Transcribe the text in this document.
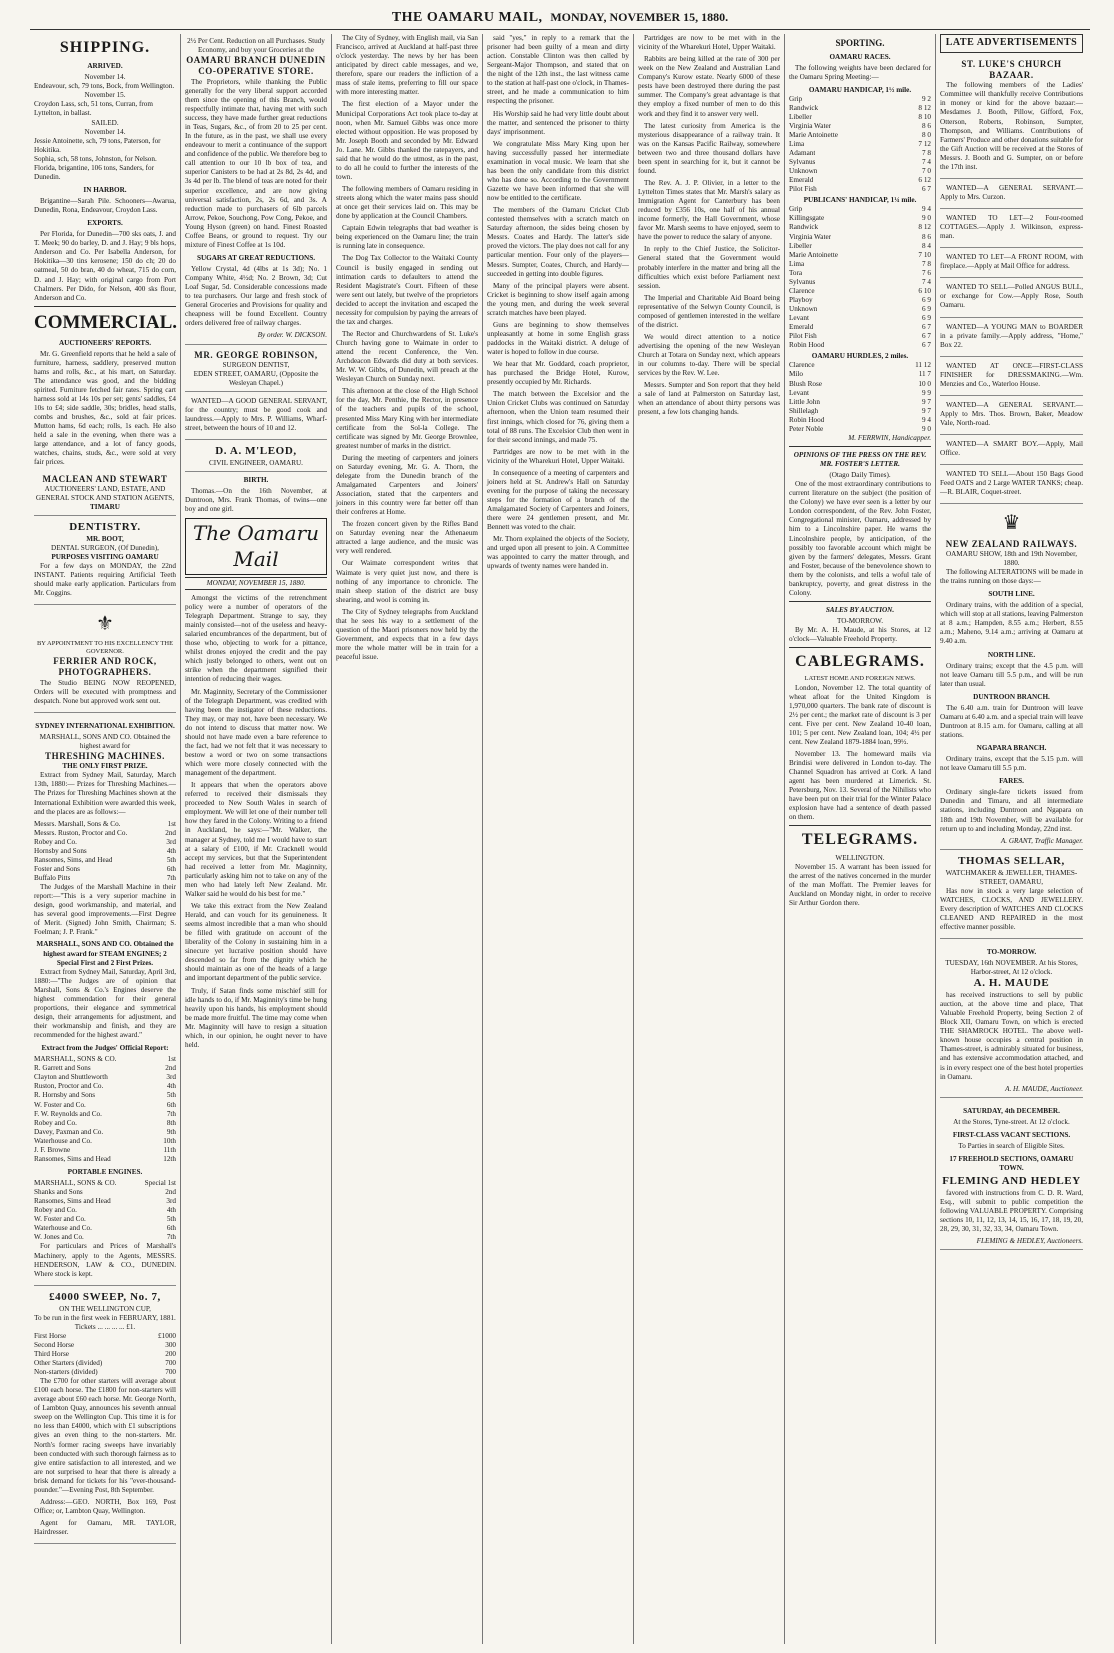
THE OAMARU MAIL, MONDAY, NOVEMBER 15, 1880.
SHIPPING.
ARRIVED.
November 14.
Endeavour, sch, 79 tons, Bock, from Wellington.
November 15.
Croydon Lass, sch, 51 tons, Curran, from Lyttelton, in ballast.
SAILED.
November 14.
Jessie Antoinette, sch, 79 tons, Paterson, for Hokitika.
Sophia, sch, 58 tons, Johnston, for Nelson.
Florida, brigantine, 106 tons, Sanders, for Dunedin.
IN HARBOR.

Brigantine—Sarah Pile. Schooners—Awarua, Dunedin, Rona, Endeavour, Croydon Lass.

EXPORTS.

Per Florida, for Dunedin—700 sks oats, J. and T. Meek; 90 do barley, D. and J. Hay; 9 bls hops, Anderson and Co. Per Isabella Anderson, for Hokitika—30 tins kerosene; 150 do ch; 20 do oatmeal, 50 do bran, 40 do wheat, 715 do corn, D. and J. Hay; with original cargo from Port Chalmers. Per Dido, for Nelson, 400 sks flour, Anderson and Co.

COMMERCIAL.
AUCTIONEERS' REPORTS.

Mr. G. Greenfield reports that he held a sale of furniture, harness, saddlery, preserved mutton hams and rolls, &c., at his mart, on Saturday. The attendance was good, and the bidding spirited. Furniture fetched fair rates. Spring cart harness sold at 14s 10s per set; gents' saddles, £4 10s to £4; side saddle, 30s; bridles, head stalls, combs and brushes, &c., sold at fair prices. Mutton hams, 6d each; rolls, 1s each. He also held a sale in the evening, when there was a large attendance, and a lot of fancy goods, watches, chains, studs, &c., were sold at very fair prices.

MACLEAN AND STEWART
AUCTIONEERS' LAND, ESTATE, AND GENERAL STOCK AND STATION AGENTS,
TIMARU
DENTISTRY.
MR. BOOT,
DENTAL SURGEON, (Of Dunedin),
PURPOSES VISITING OAMARU

For a few days on MONDAY, the 22nd INSTANT. Patients requiring Artificial Teeth should make early application. Particulars from Mr. Coggins.

⚜
BY APPOINTMENT TO HIS EXCELLENCY THE GOVERNOR.
FERRIER AND ROCK, PHOTOGRAPHERS.

The Studio BEING NOW REOPENED, Orders will be executed with promptness and despatch. None but approved work sent out.

SYDNEY INTERNATIONAL EXHIBITION.
MARSHALL, SONS AND CO. Obtained the highest award for
THRESHING MACHINES.
THE ONLY FIRST PRIZE.

Extract from Sydney Mail, Saturday, March 13th, 1880:— Prizes for Threshing Machines.—The Prizes for Threshing Machines shown at the International Exhibition were awarded this week, and the places are as follows:—

Messrs. Marshall, Sons & Co.	1st
Messrs. Ruston, Proctor and Co.	2nd
Robey and Co.	3rd
Hornsby and Sons	4th
Ransomes, Sims, and Head	5th
Foster and Sons	6th
Buffalo Pitts	7th

The Judges of the Marshall Machine in their report:—"This is a very superior machine in design, good workmanship, and material, and has several good improvements.—First Degree of Merit. (Signed) John Smith, Chairman; S. Foelman; J. P. Frank."

MARSHALL, SONS AND CO. Obtained the highest award for STEAM ENGINES; 2 Special First and 2 First Prizes.

Extract from Sydney Mail, Saturday, April 3rd, 1880:—"The Judges are of opinion that Marshall, Sons & Co.'s Engines deserve the highest commendation for their general proportions, their elegance and symmetrical design, their arrangements for adjustment, and their workmanship and finish, and they are recommended for the highest award."

Extract from the Judges' Official Report:
MARSHALL, SONS & CO.	1st
R. Garrett and Sons	2nd
Clayton and Shuttleworth	3rd
Ruston, Proctor and Co.	4th
R. Hornsby and Sons	5th
W. Foster and Co.	6th
F. W. Reynolds and Co.	7th
Robey and Co.	8th
Davey, Paxman and Co.	9th
Waterhouse and Co.	10th
J. F. Browne	11th
Ransomes, Sims and Head	12th
PORTABLE ENGINES.
MARSHALL, SONS & CO.	Special 1st
Shanks and Sons	2nd
Ransomes, Sims and Head	3rd
Robey and Co.	4th
W. Foster and Co.	5th
Waterhouse and Co.	6th
W. Jones and Co.	7th

For particulars and Prices of Marshall's Machinery, apply to the Agents, MESSRS. HENDERSON, LAW & CO., DUNEDIN. Where stock is kept.

£4000 SWEEP, No. 7,
ON THE WELLINGTON CUP,
To be run in the first week in FEBRUARY, 1881.
Tickets ... ... ... ... £1.
First Horse	£1000
Second Horse	300
Third Horse	200
Other Starters (divided)	700
Non-starters (divided)	700

The £700 for other starters will average about £100 each horse. The £1800 for non-starters will average about £60 each horse. Mr. George North, of Lambton Quay, announces his seventh annual sweep on the Wellington Cup. This time it is for no less than £4000, which with £1 subscriptions gives an even thing to the non-starters. Mr. North's former racing sweeps have invariably been conducted with such thorough fairness as to give entire satisfaction to all interested, and we are not surprised to hear that there is already a brisk demand for tickets for his "ever-thousand-pounder."—Evening Post, 8th September.

Address:—GEO. NORTH, Box 169, Post Office; or, Lambton Quay, Wellington.

Agent for Oamaru, MR. TAYLOR, Hairdresser.

2½ Per Cent. Reduction on all Purchases. Study Economy, and buy your Groceries at the
OAMARU BRANCH DUNEDIN CO-OPERATIVE STORE.

The Proprietors, while thanking the Public generally for the very liberal support accorded them since the opening of this Branch, would respectfully intimate that, having met with such success, they have made further great reductions in Teas, Sugars, &c., of from 20 to 25 per cent. In the future, as in the past, we shall use every endeavour to merit a continuance of the support and confidence of the public. We therefore beg to call attention to our 10 lb box of tea, and superior Canisters to be had at 2s 8d, 2s 4d, and 3s 4d per lb. The blend of teas are noted for their superior excellence, and are now giving universal satisfaction, 2s, 2s 6d, and 3s. A reduction made to purchasers of 6lb parcels Arrow, Pekoe, Souchong, Pow Cong, Pekoe, and Young Hyson (green) on hand. Finest Roasted Coffee Beans, or ground to request. Try our mixture of Finest Coffee at 1s 10d.

SUGARS AT GREAT REDUCTIONS.

Yellow Crystal, 4d (4lbs at 1s 3d); No. 1 Company White, 4½d; No. 2 Brown, 3d; Cut Loaf Sugar, 5d. Considerable concessions made to tea purchasers. Our large and fresh stock of General Groceries and Provisions for quality and cheapness will be found Excellent. Country orders delivered free of railway charges.

By order. W. DICKSON.
MR. GEORGE ROBINSON,
SURGEON DENTIST,
EDEN STREET, OAMARU, (Opposite the Wesleyan Chapel.)

WANTED—A GOOD GENERAL SERVANT, for the country; must be good cook and laundress.—Apply to Mrs. P. Williams, Wharf-street, between the hours of 10 and 12.

D. A. M'LEOD,
CIVIL ENGINEER, OAMARU.
BIRTH.

Thomas.—On the 16th November, at Duntroon, Mrs. Frank Thomas, of twins—one boy and one girl.

The Oamaru Mail
MONDAY, NOVEMBER 15, 1880.

Amongst the victims of the retrenchment policy were a number of operators of the Telegraph Department. Strange to say, they mainly consisted—not of the useless and heavy-salaried encumbrances of the department, but of those who, objecting to work for a pittance, whilst drones enjoyed the credit and the pay which justly belonged to others, went out on strike when the department signified their intention of reducing their wages.

Mr. Maginnity, Secretary of the Commissioner of the Telegraph Department, was credited with having been the instigator of these reductions. They may, or may not, have been necessary. We do not intend to discuss that matter now. We should not have made even a bare reference to the fact, had we not felt that it was necessary to bestow a word or two on some transactions which were more closely connected with the management of the department.

It appears that when the operators above referred to received their dismissals they proceeded to New South Wales in search of employment. We will let one of their number tell how they fared in the Colony. Writing to a friend in Auckland, he says:—"Mr. Walker, the manager at Sydney, told me I would have to start at a salary of £100, if Mr. Cracknell would accept my services, but that the Superintendent had received a letter from Mr. Maginnity, particularly asking him not to take on any of the men who had lately left New Zealand. Mr. Walker said he would do his best for me."

We take this extract from the New Zealand Herald, and can vouch for its genuineness. It seems almost incredible that a man who should be filled with gratitude on account of the liberality of the Colony in sustaining him in a sinecure yet lucrative position should have descended so far from the dignity which he should maintain as one of the heads of a large and important department of the public service.

Truly, if Satan finds some mischief still for idle hands to do, if Mr. Maginnity's time be hung heavily upon his hands, his employment should be made more fruitful. The time may come when Mr. Maginnity will have to resign a situation which, in our opinion, he ought never to have held.

The City of Sydney, with English mail, via San Francisco, arrived at Auckland at half-past three o'clock yesterday. The news by her has been anticipated by direct cable messages, and we, therefore, spare our readers the infliction of a mass of stale items, preferring to fill our space with more interesting matter.

The first election of a Mayor under the Municipal Corporations Act took place to-day at noon, when Mr. Samuel Gibbs was once more elected without opposition. He was proposed by Mr. Joseph Booth and seconded by Mr. Edward Jo. Lane. Mr. Gibbs thanked the ratepayers, and said that he would do the utmost, as in the past, to do all he could to further the interests of the town.

The following members of Oamaru residing in streets along which the water mains pass should at once get their services laid on. This may be done by application at the Council Chambers.

Captain Edwin telegraphs that bad weather is being experienced on the Oamaru line; the train is running late in consequence.

The Dog Tax Collector to the Waitaki County Council is busily engaged in sending out intimation cards to defaulters to attend the Resident Magistrate's Court. Fifteen of these were sent out lately, but twelve of the proprietors decided to accept the invitation and escaped the necessity for compulsion by paying the arrears of the tax and charges.

The Rector and Churchwardens of St. Luke's Church having gone to Waimate in order to attend the recent Conference, the Ven. Archdeacon Edwards did duty at both services. Mr. W. W. Gibbs, of Dunedin, will preach at the Wesleyan Church on Sunday next.

This afternoon at the close of the High School for the day, Mr. Penthie, the Rector, in presence of the teachers and pupils of the school, presented Miss Mary King with her intermediate certificate from the Sol-la College. The certificate was signed by Mr. George Brownlee, greatest number of marks in the district.

During the meeting of carpenters and joiners on Saturday evening, Mr. G. A. Thorn, the delegate from the Dunedin branch of the Amalgamated Carpenters and Joiners' Association, stated that the carpenters and joiners in this country were far better off than their confreres at Home.

The frozen concert given by the Rifles Band on Saturday evening near the Athenaeum attracted a large audience, and the music was very well rendered.

Our Waimate correspondent writes that Waimate is very quiet just now, and there is nothing of any importance to chronicle. The main sheep station of the district are busy shearing, and wool is coming in.

The City of Sydney telegraphs from Auckland that he sees his way to a settlement of the question of the Maori prisoners now held by the Government, and expects that in a few days more the whole matter will be in train for a peaceful issue.

said "yes," in reply to a remark that the prisoner had been guilty of a mean and dirty action. Constable Clinton was then called by Sergeant-Major Thompson, and stated that on the night of the 12th inst., the last witness came to the station at half-past one o'clock, in Thames-street, and he made a communication to him respecting the prisoner.

His Worship said he had very little doubt about the matter, and sentenced the prisoner to thirty days' imprisonment.

We congratulate Miss Mary King upon her having successfully passed her intermediate examination in vocal music. We learn that she has been the only candidate from this district who has done so. According to the Government Gazette we have been informed that she will now be entitled to the certificate.

The members of the Oamaru Cricket Club contested themselves with a scratch match on Saturday afternoon, the sides being chosen by Messrs. Coates and Hardy. The latter's side proved the victors. The play does not call for any particular mention. Four only of the players—Messrs. Sumpter, Coates, Church, and Hardy—succeeded in getting into double figures.

Many of the principal players were absent. Cricket is beginning to show itself again among the young men, and during the week several scratch matches have been played.

Guns are beginning to show themselves unpleasantly at home in some English grass paddocks in the Waitaki district. A deluge of water is hoped to follow in due course.

We hear that Mr. Goddard, coach proprietor, has purchased the Bridge Hotel, Kurow, presently occupied by Mr. Richards.

The match between the Excelsior and the Union Cricket Clubs was continued on Saturday afternoon, when the Union team resumed their first innings, which closed for 76, giving them a total of 88 runs. The Excelsior Club then went in for their second innings, and made 75.

Partridges are now to be met with in the vicinity of the Wharekuri Hotel, Upper Waitaki.

In consequence of a meeting of carpenters and joiners held at St. Andrew's Hall on Saturday evening for the purpose of taking the necessary steps for the formation of a branch of the Amalgamated Society of Carpenters and Joiners, there were 24 gentlemen present, and Mr. Bennett was voted to the chair.

Mr. Thorn explained the objects of the Society, and urged upon all present to join. A Committee was appointed to carry the matter through, and upwards of twenty names were handed in.

Partridges are now to be met with in the vicinity of the Wharekuri Hotel, Upper Waitaki.

Rabbits are being killed at the rate of 300 per week on the New Zealand and Australian Land Company's Kurow estate. Nearly 6000 of these pests have been destroyed there during the past summer. The Company's great advantage is that they employ a fixed number of men to do this work and they find it to answer very well.

The latest curiosity from America is the mysterious disappearance of a railway train. It was on the Kansas Pacific Railway, somewhere between two and three thousand dollars have been spent in searching for it, but it cannot be found.

The Rev. A. J. P. Olivier, in a letter to the Lyttelton Times states that Mr. Marsh's salary as Immigration Agent for Canterbury has been reduced by £356 10s, one half of his annual income formerly, the Hall Government, whose favor Mr. Marsh seems to have enjoyed, seem to have the power to reduce the salary of anyone.

In reply to the Chief Justice, the Solicitor-General stated that the Government would probably interfere in the matter and bring all the difficulties which exist before Parliament next session.

The Imperial and Charitable Aid Board being representative of the Selwyn County Council, is composed of gentlemen interested in the welfare of the district.

We would direct attention to a notice advertising the opening of the new Wesleyan Church at Totara on Sunday next, which appears in our columns to-day. There will be special services by the Rev. W. Lee.

Messrs. Sumpter and Son report that they held a sale of land at Palmerston on Saturday last, when an attendance of about thirty persons was present, a few lots changing hands.

SPORTING.
OAMARU RACES.

The following weights have been declared for the Oamaru Spring Meeting:—

OAMARU HANDICAP, 1½ mile.
Grip	9 2
Randwick	8 12
Libeller	8 10
Virginia Water	8 6
Marie Antoinette	8 0
Lima	7 12
Adamant	7 8
Sylvanus	7 4
Unknown	7 0
Emerald	6 12
Pilot Fish	6 7
PUBLICANS' HANDICAP, 1¼ mile.
Grip	9 4
Killingsgate	9 0
Randwick	8 12
Virginia Water	8 6
Libeller	8 4
Marie Antoinette	7 10
Lima	7 8
Tora	7 6
Sylvanus	7 4
Clarence	6 10
Playboy	6 9
Unknown	6 9
Levant	6 9
Emerald	6 7
Pilot Fish	6 7
Robin Hood	6 7
OAMARU HURDLES, 2 miles.
Clarence	11 12
Milo	11 7
Blush Rose	10 0
Levant	9 9
Little John	9 7
Shillelagh	9 7
Robin Hood	9 4
Peter Noble	9 0
M. FERRWIN, Handicapper.
OPINIONS OF THE PRESS ON THE REV. MR. FOSTER'S LETTER.
(Otago Daily Times).

One of the most extraordinary contributions to current literature on the subject (the position of the Colony) we have ever seen is a letter by our London correspondent, of the Rev. John Foster, Congregational minister, Oamaru, addressed by him to a Lincolnshire paper. He warns the Lincolnshire people, by anticipation, of the possibly too favorable account which might be given by the farmers' delegates, Messrs. Grant and Foster, because of the benevolence shown to them by the colonists, and tells a woful tale of bankruptcy, poverty, and great distress in the Colony.

SALES BY AUCTION.
TO-MORROW.

By Mr. A. H. Maude, at his Stores, at 12 o'clock—Valuable Freehold Property.

CABLEGRAMS.
LATEST HOME AND FOREIGN NEWS.

London, November 12. The total quantity of wheat afloat for the United Kingdom is 1,970,000 quarters. The bank rate of discount is 2½ per cent.; the market rate of discount is 3 per cent. Five per cent. New Zealand 10-40 loan, 101; 5 per cent. New Zealand loan, 104; 4½ per cent. New Zealand 1879-1884 loan, 99½.

November 13. The homeward mails via Brindisi were delivered in London to-day. The Channel Squadron has arrived at Cork. A land agent has been murdered at Limerick. St. Petersburg, Nov. 13. Several of the Nihilists who have been put on their trial for the Winter Palace explosion have had a sentence of death passed on them.

TELEGRAMS.
WELLINGTON.

November 15. A warrant has been issued for the arrest of the natives concerned in the murder of the man Moffatt. The Premier leaves for Auckland on Monday night, in order to receive Sir Arthur Gordon there.

LATE ADVERTISEMENTS
ST. LUKE'S CHURCH BAZAAR.

The following members of the Ladies' Committee will thankfully receive Contributions in money or kind for the above bazaar:—Mesdames J. Booth, Pillow, Gifford, Fox, Otterson, Roberts, Robinson, Sumpter, Thompson, and Williams. Contributions of Farmers' Produce and other donations suitable for the Gift Auction will be received at the Stores of Messrs. J. Booth and G. Sumpter, on or before the 17th inst.

WANTED—A GENERAL SERVANT.—Apply to Mrs. Curzon.

WANTED TO LET—2 Four-roomed COTTAGES.—Apply J. Wilkinson, express-man.

WANTED TO LET—A FRONT ROOM, with fireplace.—Apply at Mail Office for address.

WANTED TO SELL—Polled ANGUS BULL, or exchange for Cow.—Apply Rose, South Oamaru.

WANTED—A YOUNG MAN to BOARDER in a private family.—Apply address, "Home," Box 22.

WANTED AT ONCE—FIRST-CLASS FINISHER for DRESSMAKING.—Wm. Menzies and Co., Waterloo House.

WANTED—A GENERAL SERVANT.—Apply to Mrs. Thos. Brown, Baker, Meadow Vale, North-road.

WANTED—A SMART BOY.—Apply, Mail Office.

WANTED TO SELL—About 150 Bags Good Feed OATS and 2 Large WATER TANKS; cheap.—R. BLAIR, Coquet-street.

♛
NEW ZEALAND RAILWAYS.
OAMARU SHOW, 18th and 19th November, 1880.

The following ALTERATIONS will be made in the trains running on those days:—

SOUTH LINE.

Ordinary trains, with the addition of a special, which will stop at all stations, leaving Palmerston at 8 a.m.; Hampden, 8.55 a.m.; Herbert, 8.55 a.m.; Maheno, 9.14 a.m.; arriving at Oamaru at 9.40 a.m.

NORTH LINE.

Ordinary trains; except that the 4.5 p.m. will not leave Oamaru till 5.5 p.m., and will be run later than usual.

DUNTROON BRANCH.

The 6.40 a.m. train for Duntroon will leave Oamaru at 6.40 a.m. and a special train will leave Duntroon at 8.15 a.m. for Oamaru, calling at all stations.

NGAPARA BRANCH.

Ordinary trains, except that the 5.15 p.m. will not leave Oamaru till 5.5 p.m.

FARES.

Ordinary single-fare tickets issued from Dunedin and Timaru, and all intermediate stations, including Duntroon and Ngapara on 18th and 19th November, will be available for return up to and including Monday, 22nd inst.

A. GRANT, Traffic Manager.
THOMAS SELLAR,
WATCHMAKER & JEWELLER, THAMES-STREET, OAMARU,

Has now in stock a very large selection of WATCHES, CLOCKS, AND JEWELLERY. Every description of WATCHES AND CLOCKS CLEANED AND REPAIRED in the most effective manner possible.

TO-MORROW.
TUESDAY, 16th NOVEMBER. At his Stores, Harbor-street, At 12 o'clock.
A. H. MAUDE

has received instructions to sell by public auction, at the above time and place, That Valuable Freehold Property, being Section 2 of Block XII, Oamaru Town, on which is erected THE SHAMROCK HOTEL. The above well-known house occupies a central position in Thames-street, is admirably situated for business, and has extensive accommodation attached, and is in every respect one of the best hotel properties in Oamaru.

A. H. MAUDE, Auctioneer.
SATURDAY, 4th DECEMBER.
At the Stores, Tyne-street. At 12 o'clock.
FIRST-CLASS VACANT SECTIONS.
To Parties in search of Eligible Sites.
17 FREEHOLD SECTIONS, OAMARU TOWN.
FLEMING AND HEDLEY

favored with instructions from C. D. R. Ward, Esq., will submit to public competition the following VALUABLE PROPERTY. Comprising sections 10, 11, 12, 13, 14, 15, 16, 17, 18, 19, 20, 28, 29, 30, 31, 32, 33, 34, Oamaru Town.

FLEMING & HEDLEY, Auctioneers.
